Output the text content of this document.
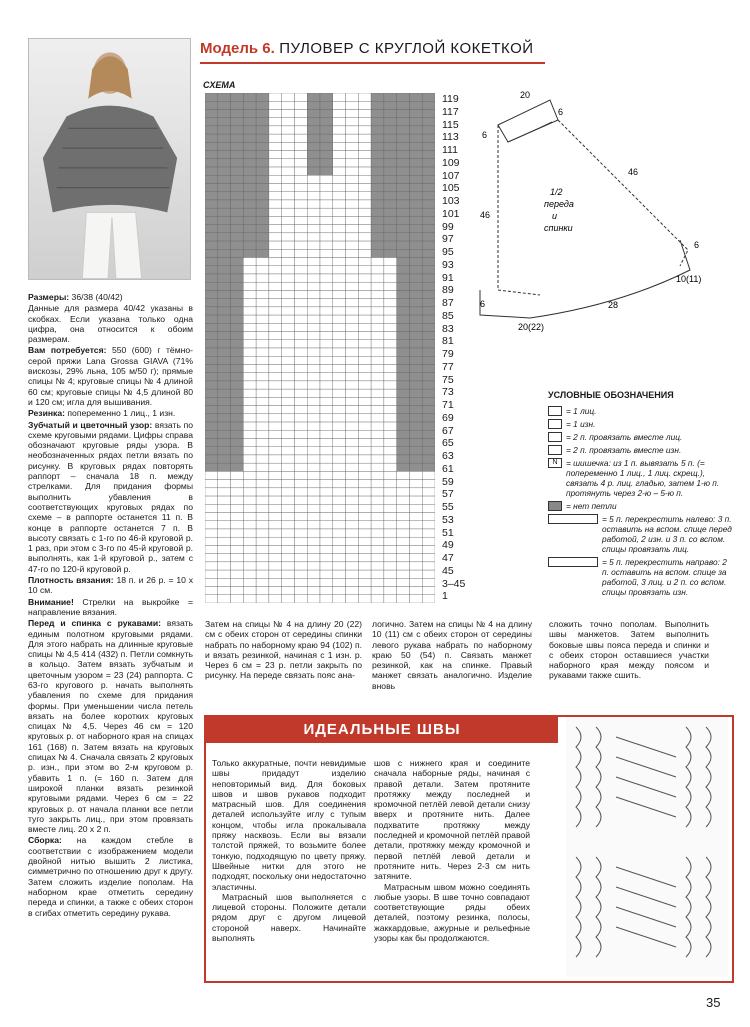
Размеры: 36/38 (40/42)

Данные для размера 40/42 указаны в скобках. Если указана только одна цифра, она относится к обоим размерам.

Вам потребуется: 550 (600) г тёмно-серой пряжи Lana Grossa GIAVA (71% вискозы, 29% льна, 105 м/50 г); прямые спицы № 4; круговые спицы № 4 длиной 60 см; круговые спицы № 4,5 длиной 80 и 120 см; игла для вышивания.

Резинка: попеременно 1 лиц., 1 изн.

Зубчатый и цветочный узор: вязать по схеме круговыми рядами. Цифры справа обозначают круговые ряды узора. В необозначенных рядах петли вязать по рисунку. В круговых рядах повторять раппорт – сначала 18 п. между стрелками. Для придания формы выполнить убавления в соответствующих круговых рядах по схеме – в раппорте останется 11 п. В конце в раппорте останется 7 п. В высоту связать с 1-го по 46-й круговой р. 1 раз, при этом с 3-го по 45-й круговой р. выполнять, как 1-й круговой р., затем с 47-го по 120-й круговой р.

Плотность вязания: 18 п. и 26 р. = 10 х 10 см.

Внимание! Стрелки на выкройке = направление вязания.

Перед и спинка с рукавами: вязать единым полотном круговыми рядами. Для этого набрать на длинные круговые спицы № 4,5 414 (432) п. Петли сомкнуть в кольцо. Затем вязать зубчатым и цветочным узором = 23 (24) раппорта. С 63-го кругового р. начать выполнять убавления по схеме для придания формы. При уменьшении числа петель вязать на более коротких круговых спицах № 4,5. Через 46 см = 120 круговых р. от наборного края на спицах 161 (168) п. Затем вязать на круговых спицах № 4. Сначала связать 2 круговых р. изн., при этом во 2-м круговом р. убавить 1 п. (= 160 п. Затем для широкой планки вязать резинкой круговыми рядами. Через 6 см = 22 круговых р. от начала планки все петли туго закрыть лиц., при этом провязать вместе лиц. 20 х 2 п.

Сборка: на каждом стебле в соответствии с изображением модели двойной нитью вышить 2 листика, симметрично по отношению друг к другу. Затем сложить изделие пополам. На наборном крае отметить середину переда и спинки, а также с обеих сторон в сгибах отметить середину рукава.

Модель 6. ПУЛОВЕР С КРУГЛОЙ КОКЕТКОЙ
СХЕМА
119
117
115
113
111
109
107
105
103
101
99
97
95
93
91
89
87
85
83
81
79
77
75
73
71
69
67
65
63
61
59
57
55
53
51
49
47
45
3–45
1
20
6
6
46
46
1/2
переда
и
спинки
6
10(11)
28
20(22)
6
УСЛОВНЫЕ ОБОЗНАЧЕНИЯ
= 1 лиц.
= 1 изн.
= 2 п. провязать вместе лиц.
= 2 п. провязать вместе изн.
N	= шишечка: из 1 п. вывязать 5 п. (= попеременно 1 лиц., 1 лиц. скрещ.), связать 4 р. лиц. гладью, затем 1-ю п. протянуть через 2-ю – 5-ю п.
= нет петли
= 5 п. перекрестить налево: 3 п. оставить на вспом. спице перед работой, 2 изн. и 3 п. со вспом. спицы провязать лиц.
= 5 п. перекрестить направо: 2 п. оставить на вспом. спице за работой, 3 лиц. и 2 п. со вспом. спицы провязать изн.
Затем на спицы № 4 на длину 20 (22) см с обеих сторон от середины спинки набрать по наборному краю 94 (102) п. и вязать резинкой, начиная с 1 изн. р. Через 6 см = 23 р. петли закрыть по рисунку. На переде связать пояс ана-
логично. Затем на спицы № 4 на длину 10 (11) см с обеих сторон от середины левого рукава набрать по наборному краю 50 (54) п. Связать манжет резинкой, как на спинке. Правый манжет связать аналогично. Изделие вновь
сложить точно пополам. Выполнить швы манжетов. Затем выполнить боковые швы пояса переда и спинки и с обеих сторон оставшиеся участки наборного края между поясом и рукавами также сшить.
ИДЕАЛЬНЫЕ ШВЫ

Только аккуратные, почти невидимые швы придадут изделию неповторимый вид. Для боковых швов и швов рукавов подходит матрасный шов. Для соединения деталей используйте иглу с тупым концом, чтобы игла прокалывала пряжу насквозь. Если вы вязали толстой пряжей, то возьмите более тонкую, подходящую по цвету пряжу. Швейные нитки для этого не подходят, поскольку они недостаточно эластичны.

Матрасный шов выполняется с лицевой стороны. Положите детали рядом друг с другом лицевой стороной наверх. Начинайте выполнять

шов с нижнего края и соедините сначала наборные ряды, начиная с правой детали. Затем протяните протяжку между последней и кромочной петлёй левой детали снизу вверх и протяните нить. Далее подхватите протяжку между последней и кромочной петлёй правой детали, протяжку между кромочной и первой петлёй левой детали и протяните нить. Через 2-3 см нить затяните.

Матрасным швом можно соединять любые узоры. В шве точно совпадают соответствующие ряды обеих деталей, поэтому резинка, полосы, жаккардовые, ажурные и рельефные узоры как бы продолжаются.

35
